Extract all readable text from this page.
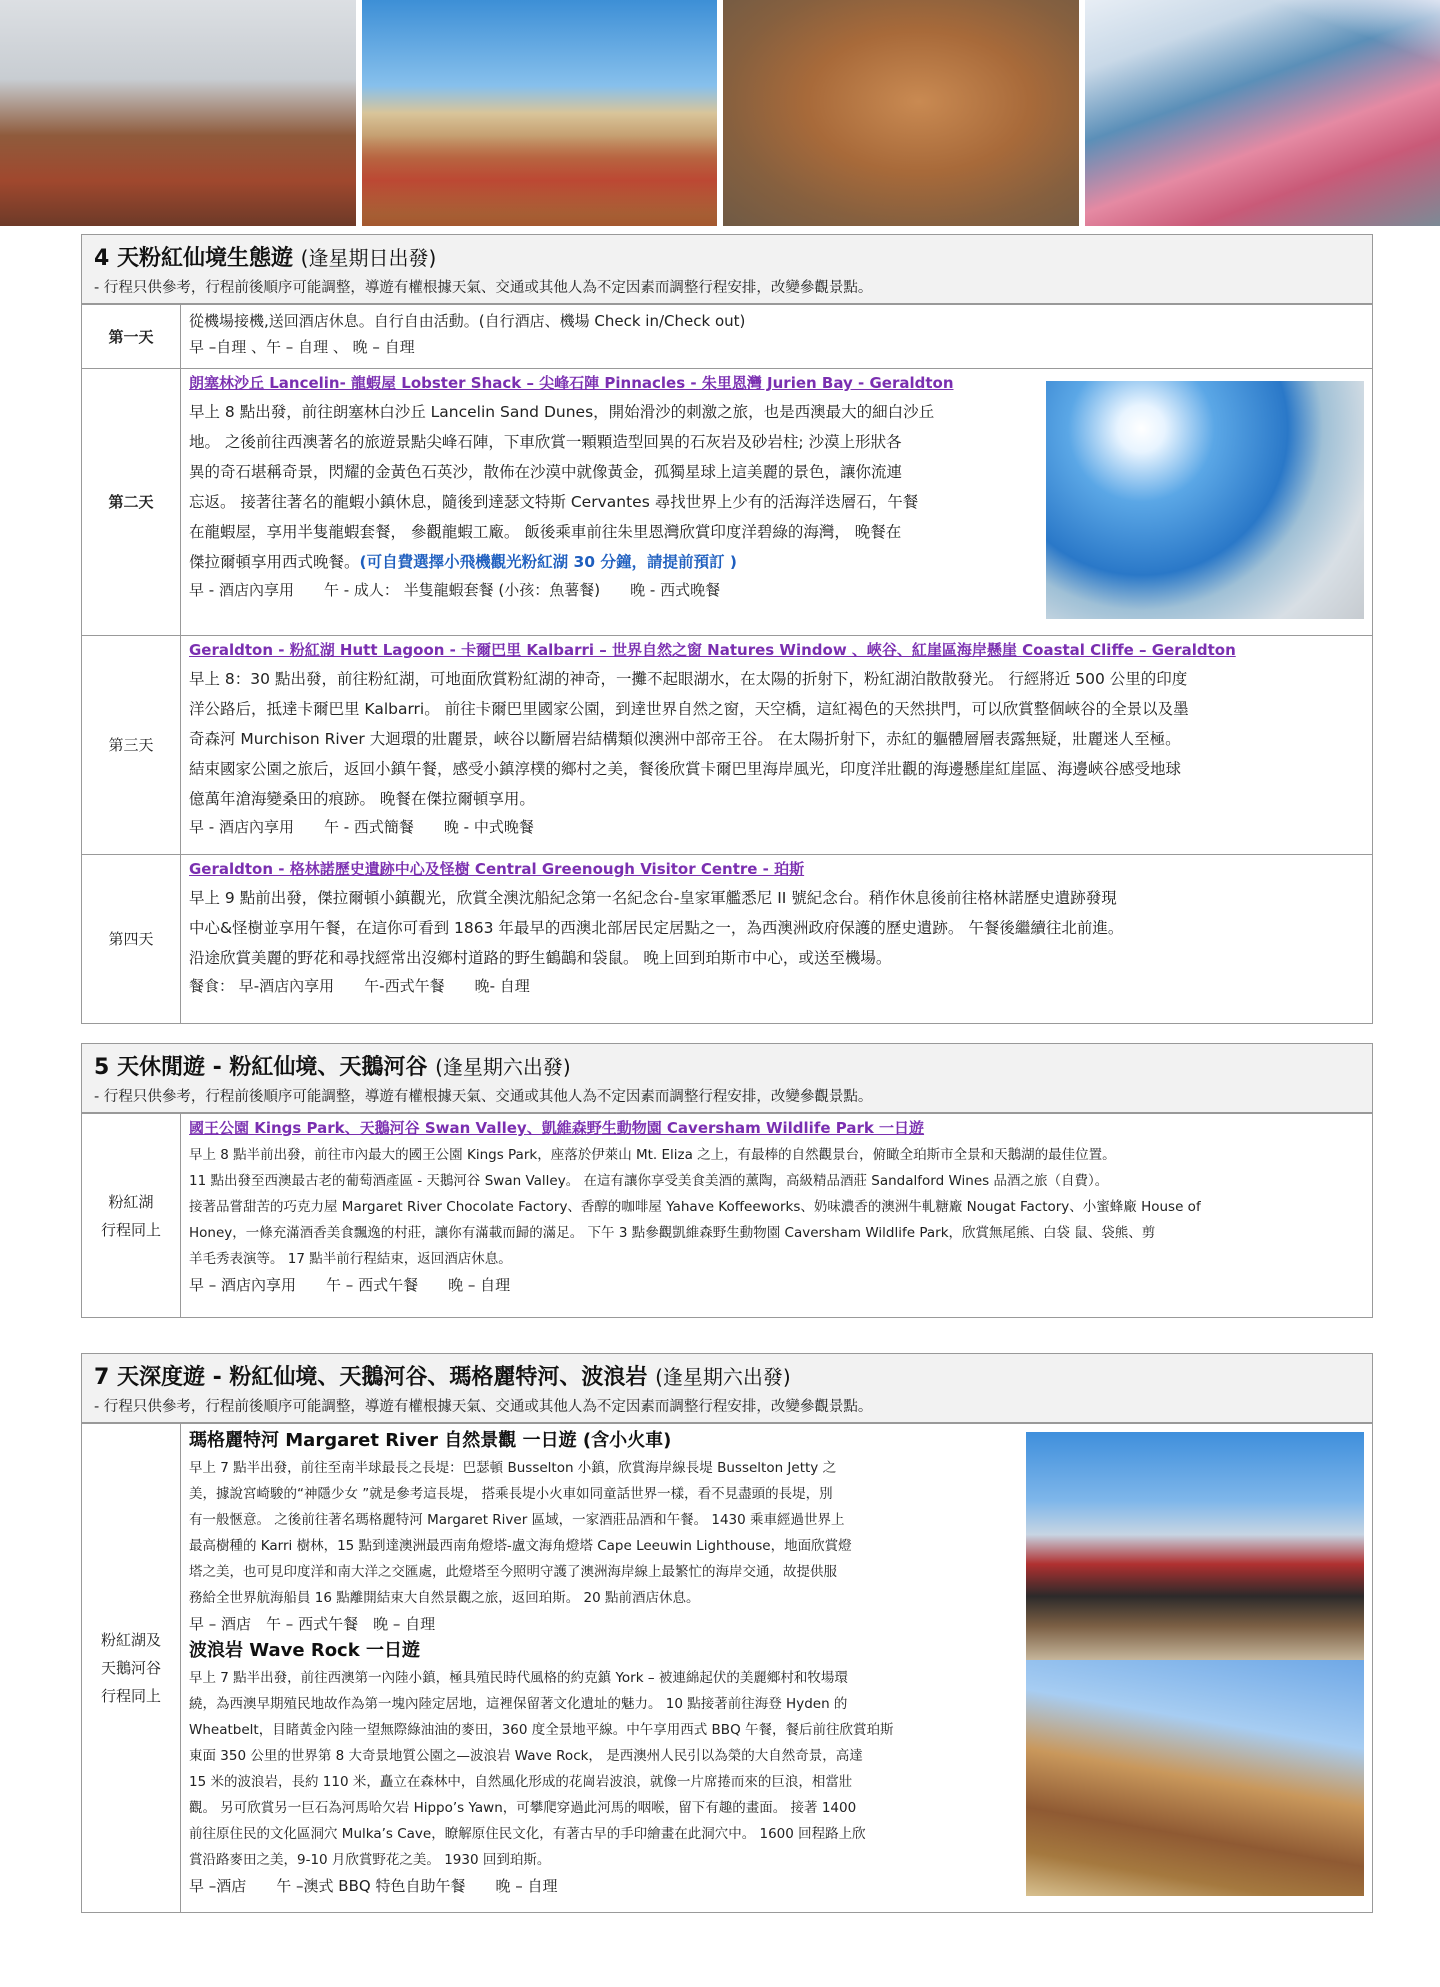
4 天粉紅仙境生態遊 (逢星期日出發)
- 行程只供參考，行程前後順序可能調整，導遊有權根據天氣、交通或其他人為不定因素而調整行程安排，改變參觀景點。
第一天
從機場接機,送回酒店休息。自行自由活動。(自行酒店、機場 Check in/Check out)
早 –自理 、午 – 自理 、 晚 – 自理
第二天
朗塞林沙丘 Lancelin- 龍蝦屋 Lobster Shack – 尖峰石陣 Pinnacles - 朱里恩灣 Jurien Bay - Geraldton
早上 8 點出發，前往朗塞林白沙丘 Lancelin Sand Dunes，開始滑沙的刺激之旅，也是西澳最大的細白沙丘
地。 之後前往西澳著名的旅遊景點尖峰石陣，下車欣賞一顆顆造型回異的石灰岩及砂岩柱; 沙漠上形狀各
異的奇石堪稱奇景，閃耀的金黃色石英沙，散佈在沙漠中就像黃金，孤獨星球上這美麗的景色，讓你流連
忘返。 接著往著名的龍蝦小鎮休息，隨後到達瑟文特斯 Cervantes 尋找世界上少有的活海洋迭層石，午餐
在龍蝦屋，享用半隻龍蝦套餐， 參觀龍蝦工廠。 飯後乘車前往朱里恩灣欣賞印度洋碧綠的海灣， 晚餐在
傑拉爾頓享用西式晚餐。(可自費選擇小飛機觀光粉紅湖 30 分鐘，請提前預訂 )
早 - 酒店內享用　　午 - 成人： 半隻龍蝦套餐 (小孩：魚薯餐)　　晚 - 西式晚餐
第三天
Geraldton - 粉紅湖 Hutt Lagoon - 卡爾巴里 Kalbarri – 世界自然之窗 Natures Window 、峽谷、紅崖區海岸懸崖 Coastal Cliffe – Geraldton
早上 8：30 點出發，前往粉紅湖，可地面欣賞粉紅湖的神奇，一攤不起眼湖水，在太陽的折射下，粉紅湖泊散散發光。 行經將近 500 公里的印度
洋公路后，抵達卡爾巴里 Kalbarri。 前往卡爾巴里國家公園，到達世界自然之窗，天空橋，這紅褐色的天然拱門，可以欣賞整個峽谷的全景以及墨
奇森河 Murchison River 大迴環的壯麗景，峽谷以斷層岩結構類似澳洲中部帝王谷。 在太陽折射下，赤紅的軀體層層表露無疑，壯麗迷人至極。
結束國家公園之旅后，返回小鎮午餐，感受小鎮淳樸的鄉村之美，餐後欣賞卡爾巴里海岸風光，印度洋壯觀的海邊懸崖紅崖區、海邊峽谷感受地球
億萬年滄海變桑田的痕跡。 晚餐在傑拉爾頓享用。
早 - 酒店內享用　　午 - 西式簡餐　　晚 - 中式晚餐
第四天
Geraldton - 格林諾歷史遺跡中心及怪樹 Central Greenough Visitor Centre - 珀斯
早上 9 點前出發，傑拉爾頓小鎮觀光，欣賞全澳沈船紀念第一名紀念台-皇家軍艦悉尼 II 號紀念台。稍作休息後前往格林諾歷史遺跡發現
中心&怪樹並享用午餐，在這你可看到 1863 年最早的西澳北部居民定居點之一，為西澳洲政府保護的歷史遺跡。 午餐後繼續往北前進。
沿途欣賞美麗的野花和尋找經常出沒鄉村道路的野生鶴鶓和袋鼠。 晚上回到珀斯市中心，或送至機場。
餐食： 早-酒店內享用　　午-西式午餐　　晚- 自理
5 天休閒遊 - 粉紅仙境、天鵝河谷 (逢星期六出發)
- 行程只供參考，行程前後順序可能調整，導遊有權根據天氣、交通或其他人為不定因素而調整行程安排，改變參觀景點。
粉紅湖
行程同上
國王公園 Kings Park、天鵝河谷 Swan Valley、凱維森野生動物園 Caversham Wildlife Park 一日遊
早上 8 點半前出發，前往市內最大的國王公園 Kings Park，座落於伊萊山 Mt. Eliza 之上，有最棒的自然觀景台，俯瞰全珀斯市全景和天鵝湖的最佳位置。
11 點出發至西澳最古老的葡萄酒產區 - 天鵝河谷 Swan Valley。 在這有讓你享受美食美酒的薰陶，高級精品酒莊 Sandalford Wines 品酒之旅（自費）。
接著品嘗甜苦的巧克力屋 Margaret River Chocolate Factory、香醇的咖啡屋 Yahave Koffeeworks、奶味濃香的澳洲牛軋糖廠 Nougat Factory、小蜜蜂廠 House of
Honey，一條充滿酒香美食飄逸的村莊，讓你有滿載而歸的滿足。 下午 3 點參觀凱維森野生動物園 Caversham Wildlife Park，欣賞無尾熊、白袋 鼠、袋熊、剪
羊毛秀表演等。 17 點半前行程結束，返回酒店休息。
早 – 酒店內享用　　午 – 西式午餐　　晚 – 自理
7 天深度遊 - 粉紅仙境、天鵝河谷、瑪格麗特河、波浪岩 (逢星期六出發)
- 行程只供參考，行程前後順序可能調整，導遊有權根據天氣、交通或其他人為不定因素而調整行程安排，改變參觀景點。
粉紅湖及
天鵝河谷
行程同上
瑪格麗特河 Margaret River 自然景觀 一日遊 (含小火車)
早上 7 點半出發，前往至南半球最長之長堤：巴瑟頓 Busselton 小鎮，欣賞海岸線長堤 Busselton Jetty 之
美，據說宮崎駿的“神隱少女 ”就是參考這長堤， 搭乘長堤小火車如同童話世界一樣，看不見盡頭的長堤，別
有一般愜意。 之後前往著名瑪格麗特河 Margaret River 區域，一家酒莊品酒和午餐。 1430 乘車經過世界上
最高樹種的 Karri 樹林，15 點到達澳洲最西南角燈塔-盧文海角燈塔 Cape Leeuwin Lighthouse，地面欣賞燈
塔之美，也可見印度洋和南大洋之交匯處，此燈塔至今照明守護了澳洲海岸線上最繁忙的海岸交通，故提供服
務給全世界航海船員 16 點離開結束大自然景觀之旅，返回珀斯。 20 點前酒店休息。
早 – 酒店　午 – 西式午餐　晚 – 自理
波浪岩 Wave Rock 一日遊
早上 7 點半出發，前往西澳第一內陸小鎮，極具殖民時代風格的約克鎮 York – 被連綿起伏的美麗鄉村和牧場環
繞，為西澳早期殖民地故作為第一塊內陸定居地，這裡保留著文化遺址的魅力。 10 點接著前往海登 Hyden 的
Wheatbelt，目睹黃金內陸一望無際綠油油的麥田，360 度全景地平線。中午享用西式 BBQ 午餐，餐后前往欣賞珀斯
東面 350 公里的世界第 8 大奇景地質公園之—波浪岩 Wave Rock， 是西澳州人民引以為榮的大自然奇景，高達
15 米的波浪岩，長約 110 米，矗立在森林中，自然風化形成的花崗岩波浪，就像一片席捲而來的巨浪，相當壯
觀。 另可欣賞另一巨石為河馬哈欠岩 Hippo’s Yawn，可攀爬穿過此河馬的咽喉，留下有趣的畫面。 接著 1400
前往原住民的文化區洞穴 Mulka’s Cave，瞭解原住民文化，有著古早的手印繪畫在此洞穴中。 1600 回程路上欣
賞沿路麥田之美，9-10 月欣賞野花之美。 1930 回到珀斯。
早 –酒店　　午 –澳式 BBQ 特色自助午餐　　晚 – 自理
